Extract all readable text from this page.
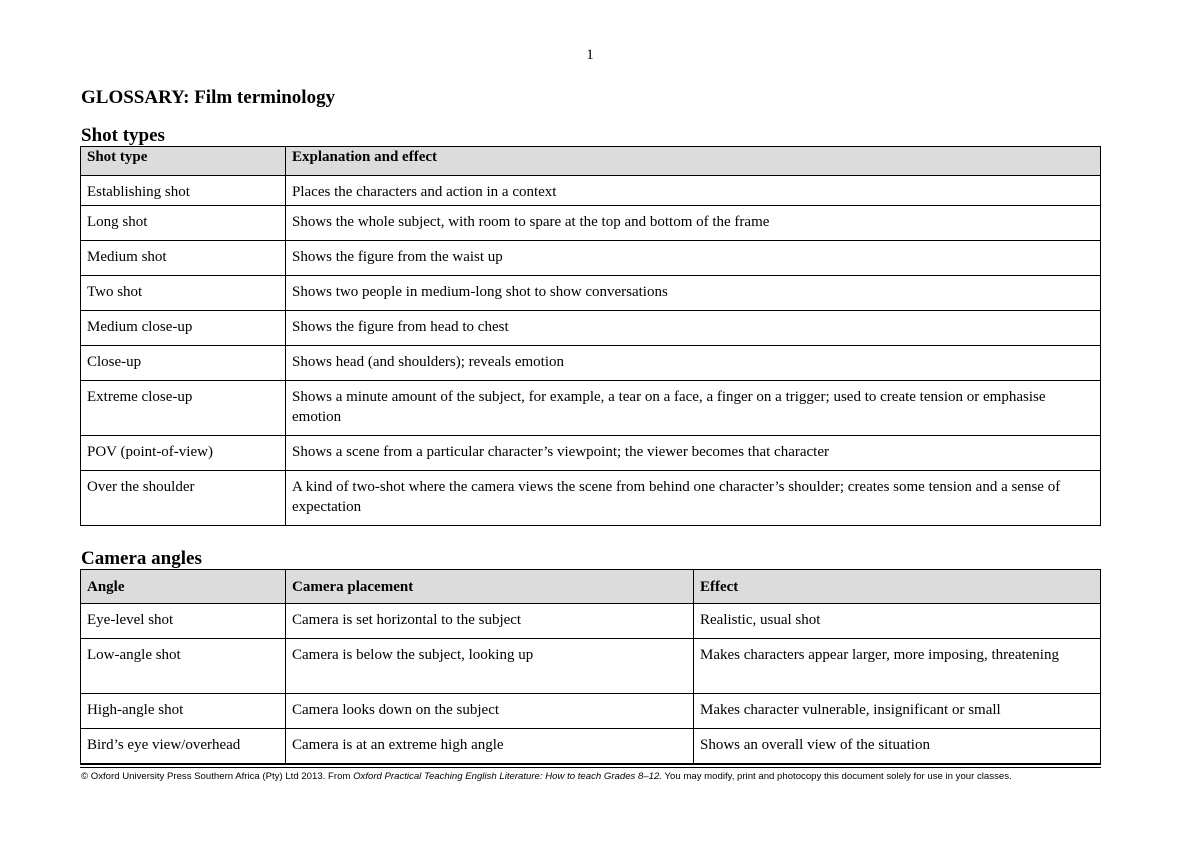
1
GLOSSARY: Film terminology
Shot types
Shot type	Explanation and effect
Establishing shot	Places the characters and action in a context
Long shot	Shows the whole subject, with room to spare at the top and bottom of the frame
Medium shot	Shows the figure from the waist up
Two shot	Shows two people in medium-long shot to show conversations
Medium close-up	Shows the figure from head to chest
Close-up	Shows head (and shoulders); reveals emotion
Extreme close-up	Shows a minute amount of the subject, for example, a tear on a face, a finger on a trigger; used to create tension or emphasise emotion
POV (point-of-view)	Shows a scene from a particular character’s viewpoint; the viewer becomes that character
Over the shoulder	A kind of two-shot where the camera views the scene from behind one character’s shoulder; creates some tension and a sense of expectation
Camera angles
Angle	Camera placement	Effect
Eye-level shot	Camera is set horizontal to the subject	Realistic, usual shot
Low-angle shot	Camera is below the subject, looking up	Makes characters appear larger, more imposing, threatening
High-angle shot	Camera looks down on the subject	Makes character vulnerable, insignificant or small
Bird’s eye view/overhead	Camera is at an extreme high angle	Shows an overall view of the situation
© Oxford University Press Southern Africa (Pty) Ltd 2013. From Oxford Practical Teaching English Literature: How to teach Grades 8–12. You may modify, print and photocopy this document solely for use in your classes.
